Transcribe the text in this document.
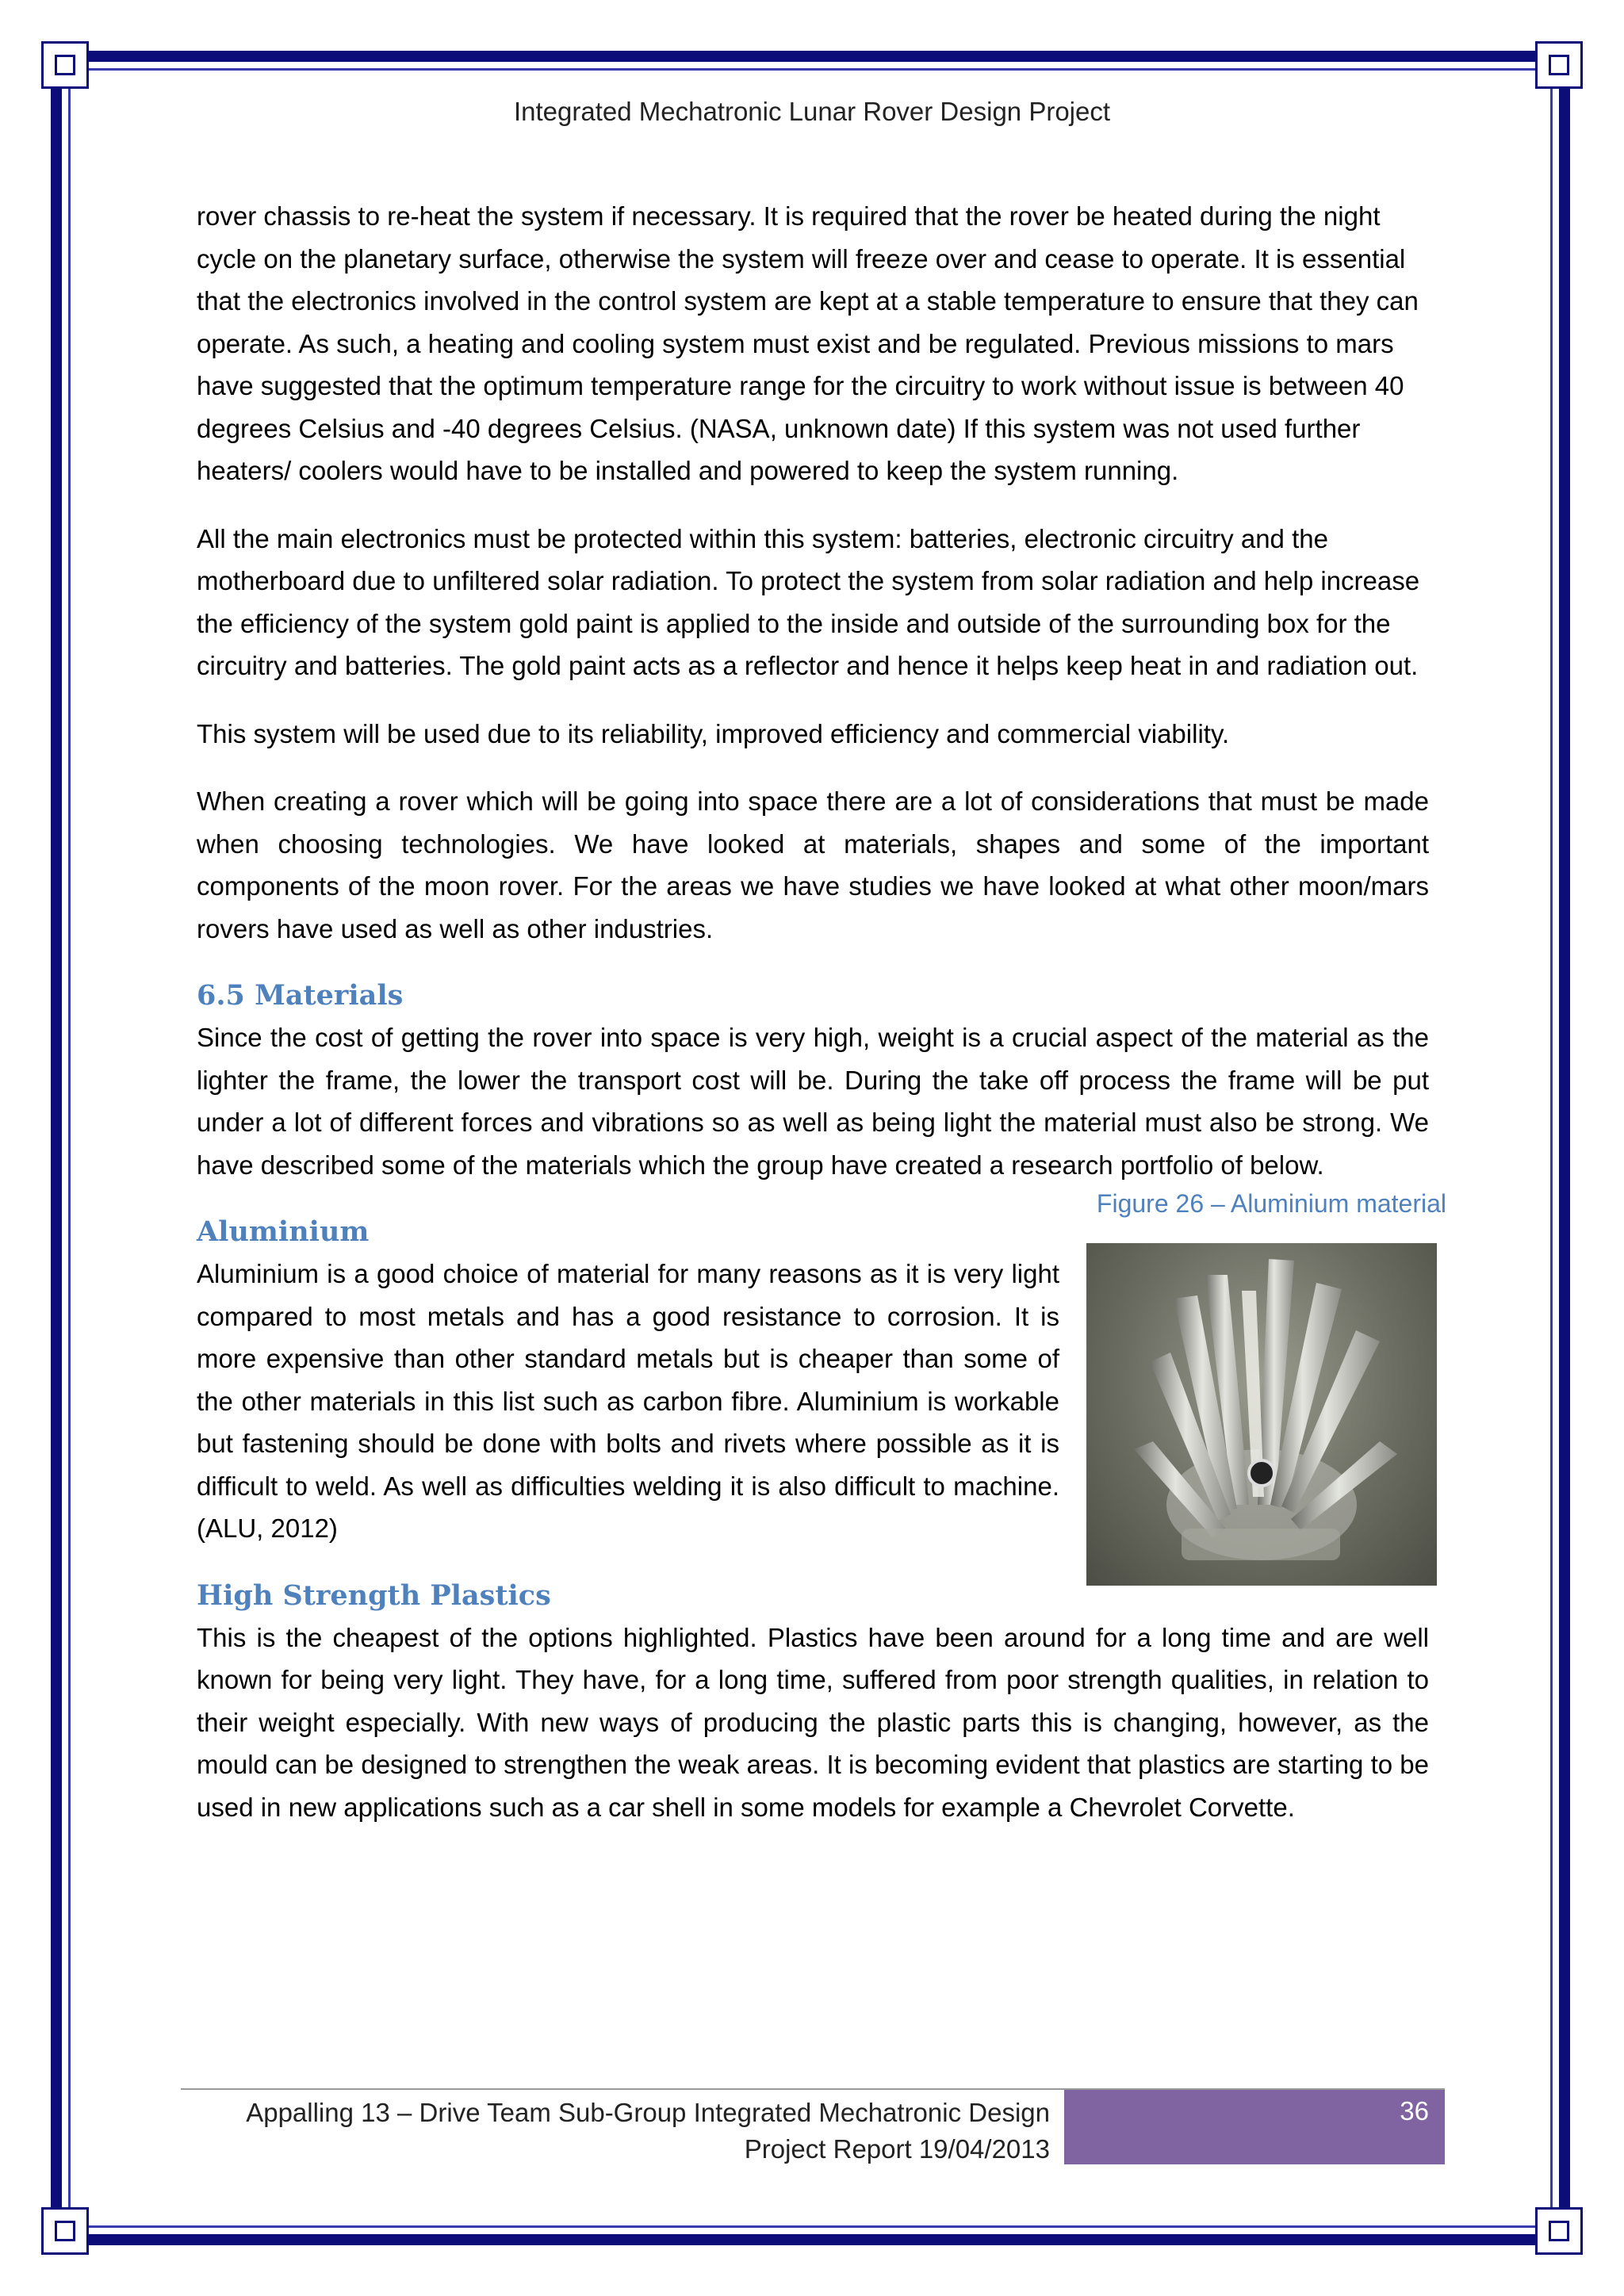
Integrated Mechatronic Lunar Rover Design Project

rover chassis to re-heat the system if necessary. It is required that the rover be heated during the night cycle on the planetary surface, otherwise the system will freeze over and cease to operate. It is essential that the electronics involved in the control system are kept at a stable temperature to ensure that they can operate. As such, a heating and cooling system must exist and be regulated. Previous missions to mars have suggested that the optimum temperature range for the circuitry to work without issue is between 40 degrees Celsius and -40 degrees Celsius. (NASA, unknown date) If this system was not used further heaters/ coolers would have to be installed and powered to keep the system running.

All the main electronics must be protected within this system: batteries, electronic circuitry and the motherboard due to unfiltered solar radiation. To protect the system from solar radiation and help increase the efficiency of the system gold paint is applied to the inside and outside of the surrounding box for the circuitry and batteries. The gold paint acts as a reflector and hence it helps keep heat in and radiation out.

This system will be used due to its reliability, improved efficiency and commercial viability.

When creating a rover which will be going into space there are a lot of considerations that must be made when choosing technologies. We have looked at materials, shapes and some of the important components of the moon rover. For the areas we have studies we have looked at what other moon/mars rovers have used as well as other industries.

6.5 Materials

Since the cost of getting the rover into space is very high, weight is a crucial aspect of the material as the lighter the frame, the lower the transport cost will be. During the take off process the frame will be put under a lot of different forces and vibrations so as well as being light the material must also be strong. We have described some of the materials which the group have created a research portfolio of below.

Figure 26 – Aluminium material
Aluminium

Aluminium is a good choice of material for many reasons as it is very light compared to most metals and has a good resistance to corrosion. It is more expensive than other standard metals but is cheaper than some of the other materials in this list such as carbon fibre. Aluminium is workable but fastening should be done with bolts and rivets where possible as it is difficult to weld. As well as difficulties welding it is also difficult to machine. (ALU, 2012)

High Strength Plastics

This is the cheapest of the options highlighted. Plastics have been around for a long time and are well known for being very light. They have, for a long time, suffered from poor strength qualities, in relation to their weight especially. With new ways of producing the plastic parts this is changing, however, as the mould can be designed to strengthen the weak areas. It is becoming evident that plastics are starting to be used in new applications such as a car shell in some models for example a Chevrolet Corvette.

Appalling 13 – Drive Team Sub-Group Integrated Mechatronic Design
Project Report 19/04/2013
36
